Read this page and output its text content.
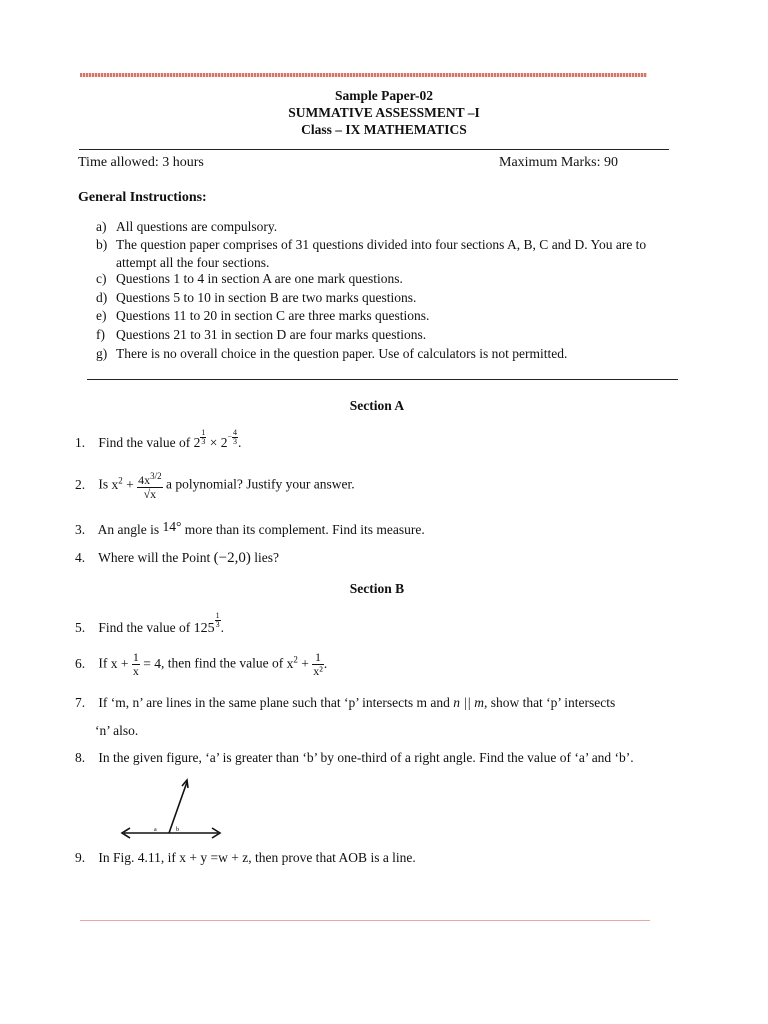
Sample Paper-02
SUMMATIVE ASSESSMENT –I
Class – IX MATHEMATICS
Time allowed: 3 hours	Maximum Marks: 90
General Instructions:
a) All questions are compulsory.
b) The question paper comprises of 31 questions divided into four sections A, B, C and D. You are to attempt all the four sections.
c) Questions 1 to 4 in section A are one mark questions.
d) Questions 5 to 10 in section B are two marks questions.
e) Questions 11 to 20 in section C are three marks questions.
f) Questions 21 to 31 in section D are four marks questions.
g) There is no overall choice in the question paper. Use of calculators is not permitted.
Section A
1. Find the value of $2 \frac{1}{3} \times 2^- \frac{4}{3}$ .
2. Is $x^2 + \frac{4x^{3/2}}{√x}$ a polynomial? Justify your answer.
3. An angle is 14° more than its complement. Find its measure.
4. Where will the Point (−2,0) lies?
Section B
5. Find the value of $125 \frac{1}{3}$ .
6. If $x + \frac{1}{x} = 4$, then find the value of $x^2 + \frac{1}{\text{x²}}$ .
7. If ‘m, n’ are lines in the same plane such that ‘p’ intersects m and n || m, show that ‘p’ intersects
‘n’ also.
8. In the given figure, ‘a’ is greater than ‘b’ by one-third of a right angle. Find the value of ‘a’ and ‘b’.
a	b
9. In Fig. 4.11, if x + y =w + z, then prove that AOB is a line.
